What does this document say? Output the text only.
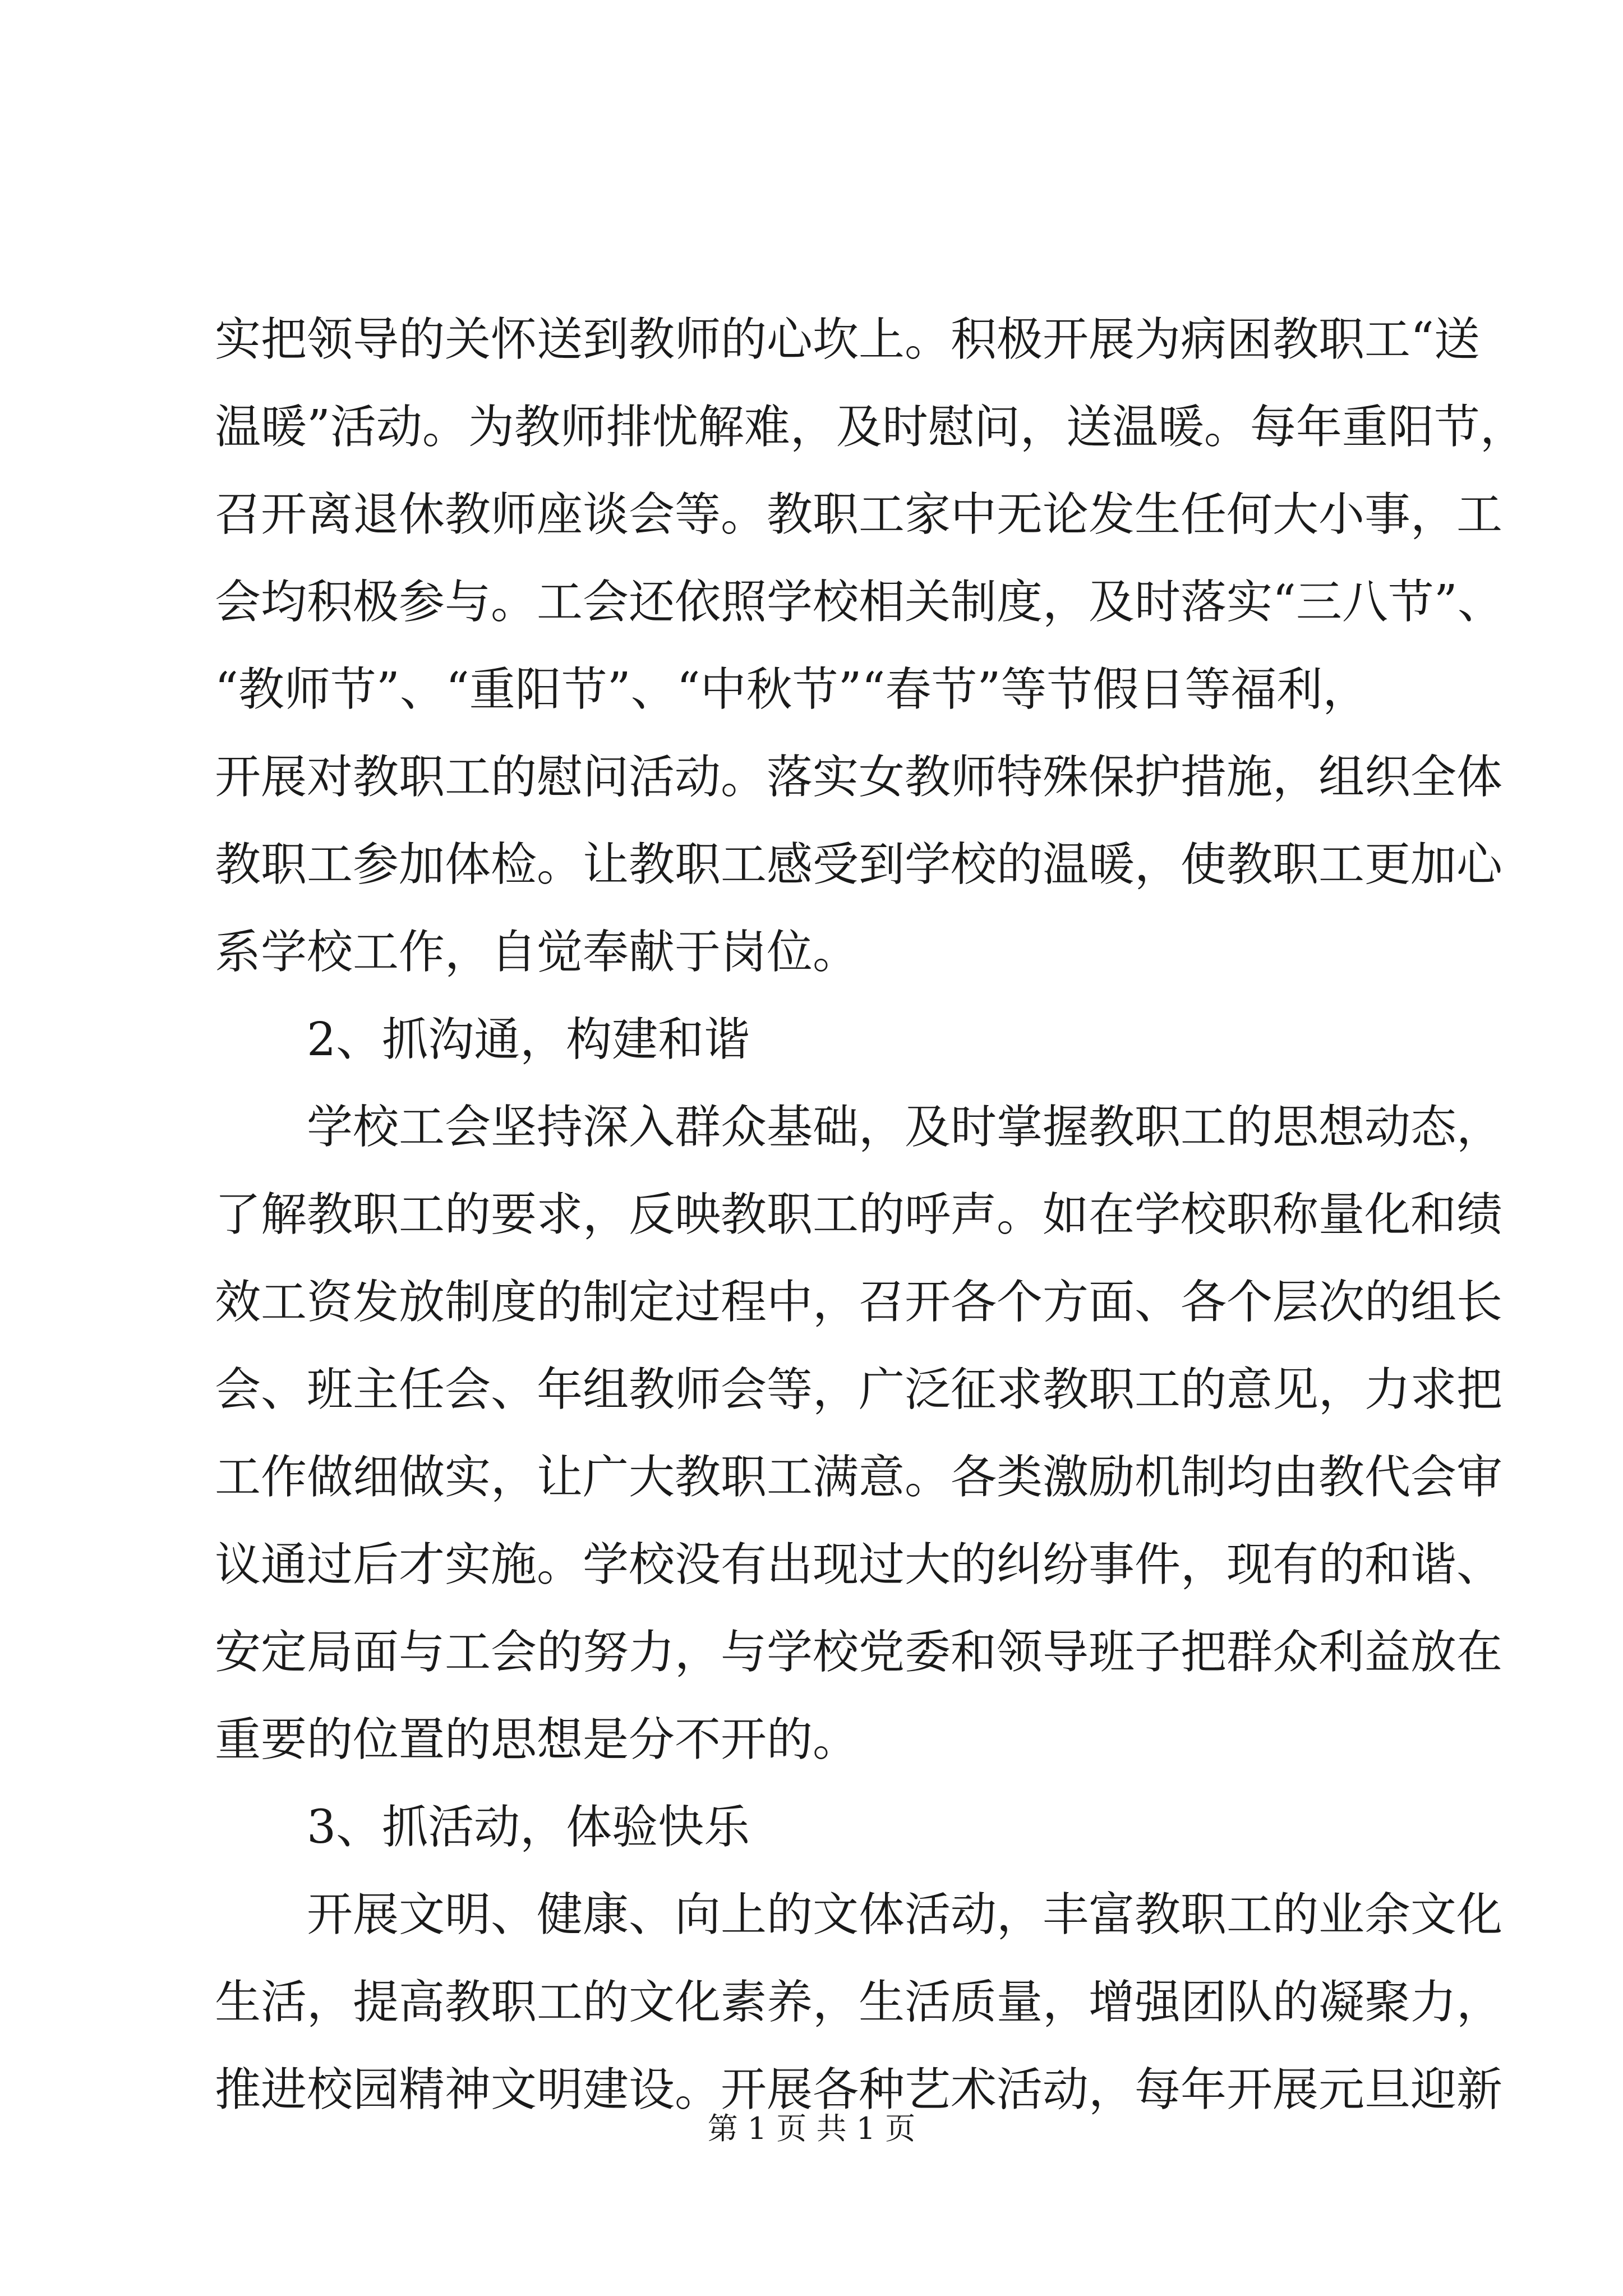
实把领导的关怀送到教师的心坎上。积极开展为病困教职工“送
温暖”活动。为教师排忧解难，及时慰问，送温暖。每年重阳节，
召开离退休教师座谈会等。教职工家中无论发生任何大小事，工
会均积极参与。工会还依照学校相关制度，及时落实“三八节”、
“教师节”、“重阳节”、“中秋节”“春节”等节假日等福利，
开展对教职工的慰问活动。落实女教师特殊保护措施，组织全体
教职工参加体检。让教职工感受到学校的温暖，使教职工更加心
系学校工作，自觉奉献于岗位。
2、抓沟通，构建和谐
学校工会坚持深入群众基础，及时掌握教职工的思想动态，
了解教职工的要求，反映教职工的呼声。如在学校职称量化和绩
效工资发放制度的制定过程中，召开各个方面、各个层次的组长
会、班主任会、年组教师会等，广泛征求教职工的意见，力求把
工作做细做实，让广大教职工满意。各类激励机制均由教代会审
议通过后才实施。学校没有出现过大的纠纷事件，现有的和谐、
安定局面与工会的努力，与学校党委和领导班子把群众利益放在
重要的位置的思想是分不开的。
3、抓活动，体验快乐
开展文明、健康、向上的文体活动，丰富教职工的业余文化
生活，提高教职工的文化素养，生活质量，增强团队的凝聚力，
推进校园精神文明建设。开展各种艺术活动，每年开展元旦迎新
第 1 页 共 1 页
